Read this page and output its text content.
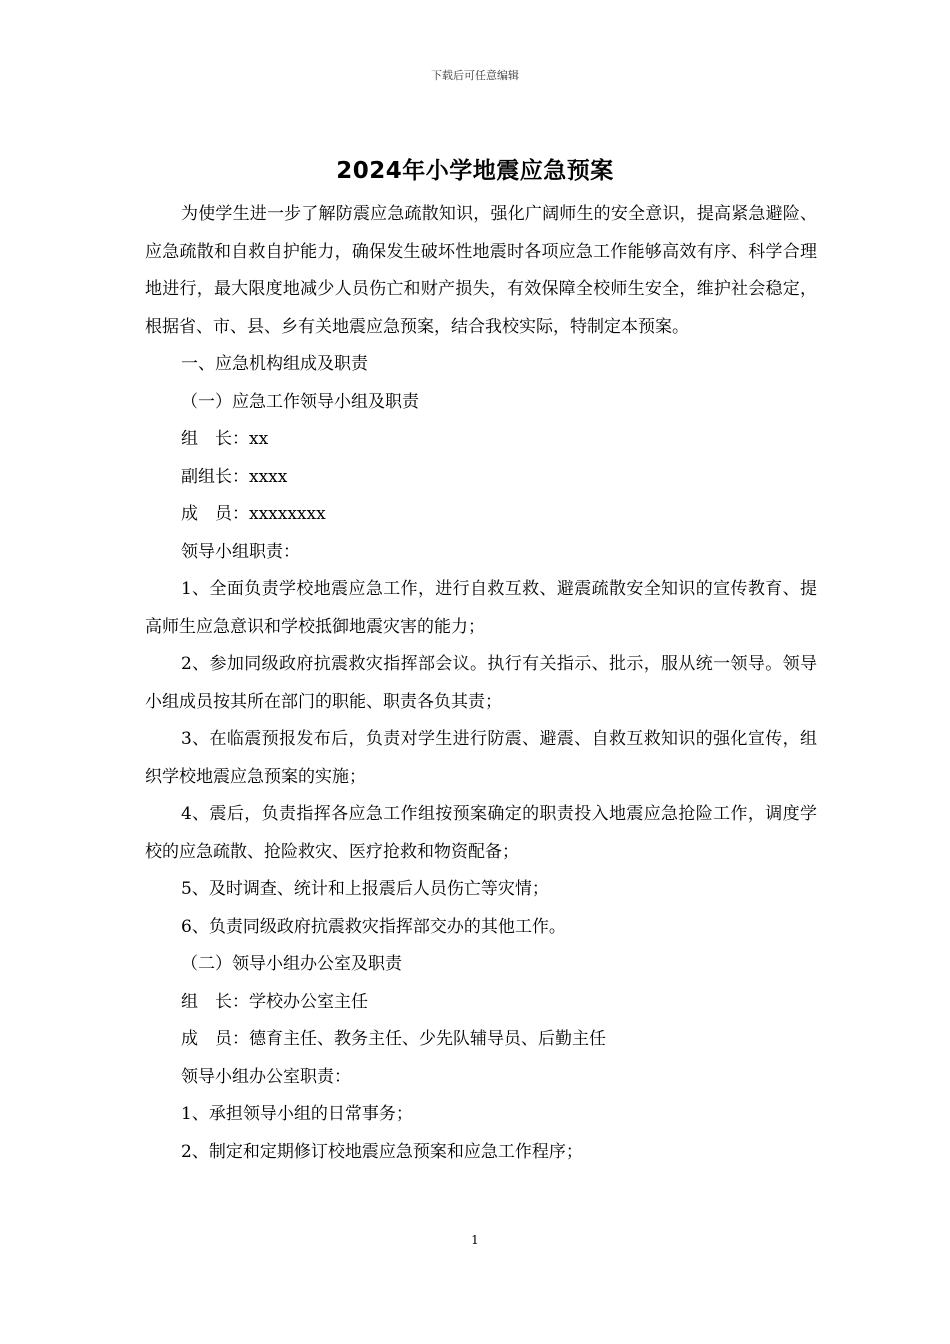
下载后可任意编辑
2024年小学地震应急预案

为使学生进一步了解防震应急疏散知识，强化广阔师生的安全意识，提高紧急避险、应急疏散和自救自护能力，确保发生破坏性地震时各项应急工作能够高效有序、科学合理地进行，最大限度地减少人员伤亡和财产损失，有效保障全校师生安全，维护社会稳定，根据省、市、县、乡有关地震应急预案，结合我校实际，特制定本预案。

一、应急机构组成及职责

（一）应急工作领导小组及职责

组　长：xx

副组长：xxxx

成　员：xxxxxxxx

领导小组职责：

1、全面负责学校地震应急工作，进行自救互救、避震疏散安全知识的宣传教育、提高师生应急意识和学校抵御地震灾害的能力；

2、参加同级政府抗震救灾指挥部会议。执行有关指示、批示，服从统一领导。领导小组成员按其所在部门的职能、职责各负其责；

3、在临震预报发布后，负责对学生进行防震、避震、自救互救知识的强化宣传，组织学校地震应急预案的实施；

4、震后，负责指挥各应急工作组按预案确定的职责投入地震应急抢险工作，调度学校的应急疏散、抢险救灾、医疗抢救和物资配备；

5、及时调查、统计和上报震后人员伤亡等灾情；

6、负责同级政府抗震救灾指挥部交办的其他工作。

（二）领导小组办公室及职责

组　长：学校办公室主任

成　员：德育主任、教务主任、少先队辅导员、后勤主任

领导小组办公室职责：

1、承担领导小组的日常事务；

2、制定和定期修订校地震应急预案和应急工作程序；

1
